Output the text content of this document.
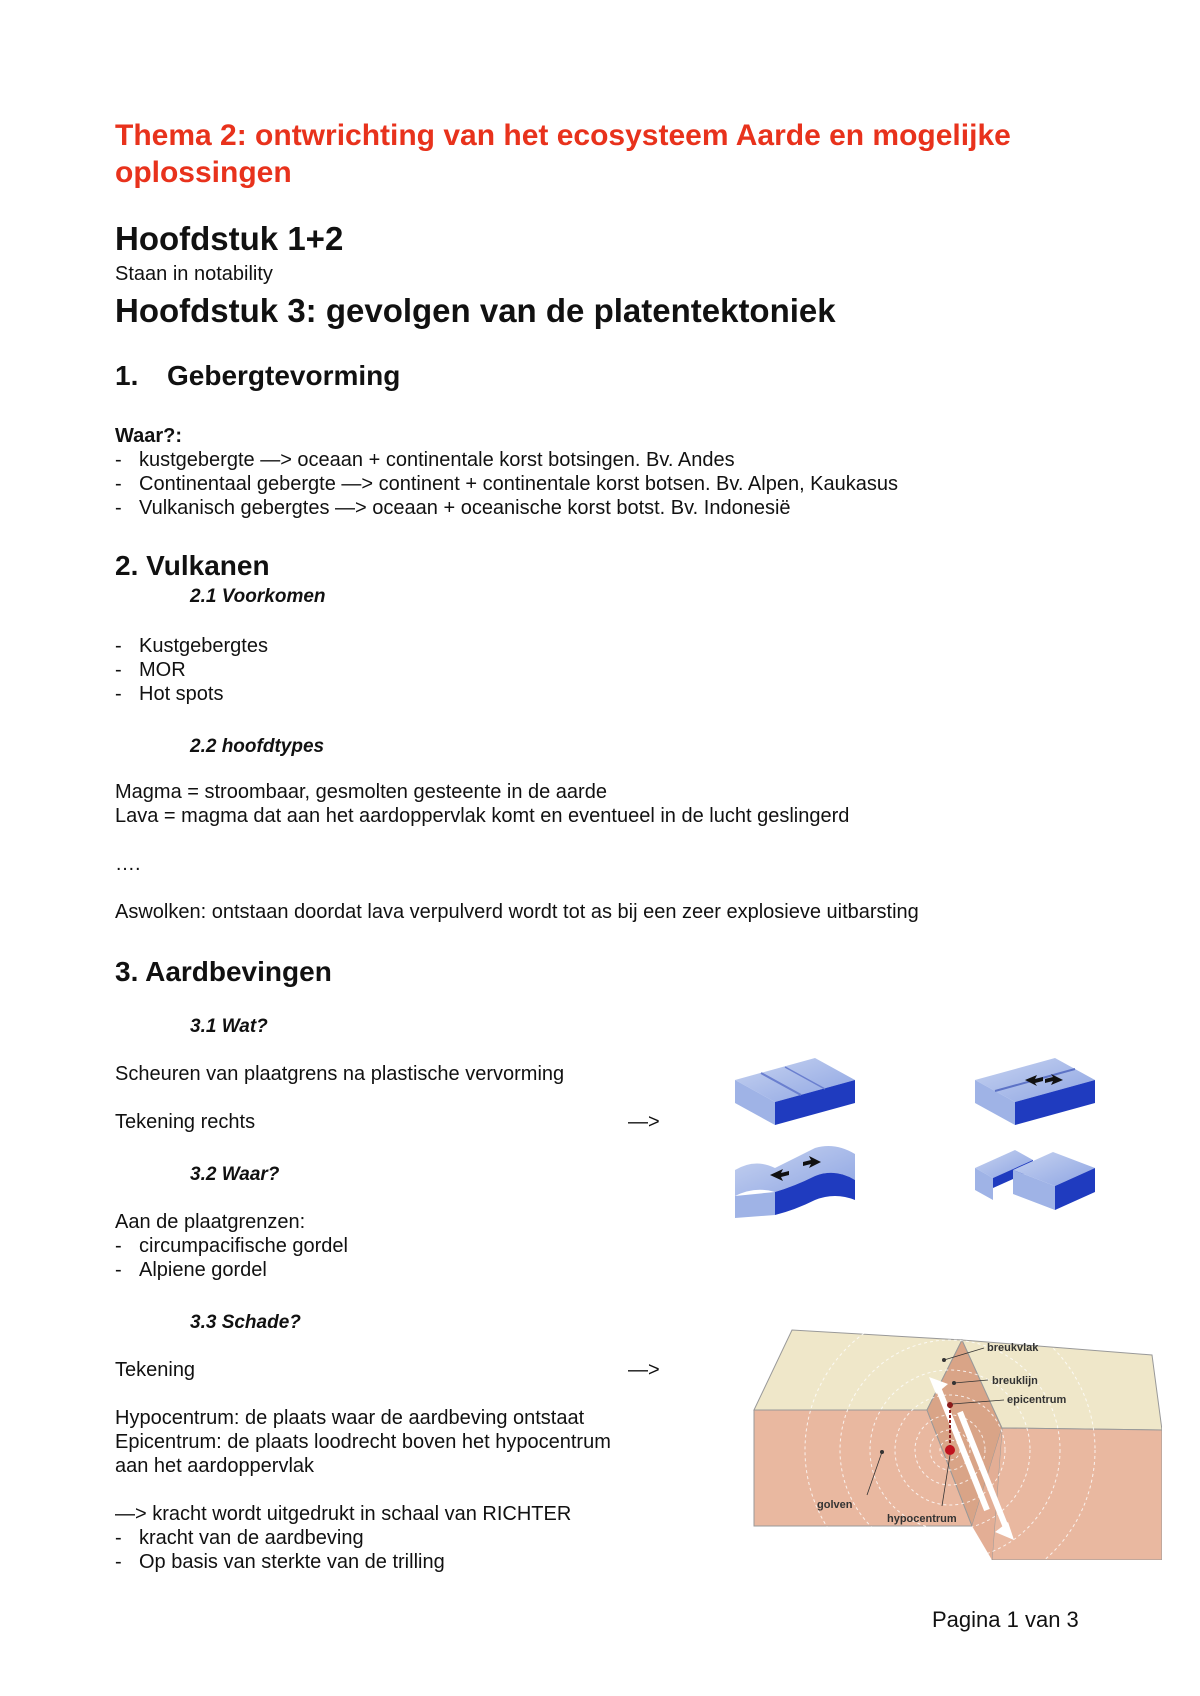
Thema 2: ontwrichting van het ecosysteem Aarde en mogelijke
oplossingen
Hoofdstuk 1+2
Staan in notability
Hoofdstuk 3: gevolgen van de platentektoniek
1. Gebergtevorming
Waar?:
- kustgebergte —> oceaan + continentale korst botsingen. Bv. Andes
- Continentaal gebergte —> continent + continentale korst botsen. Bv. Alpen, Kaukasus
- Vulkanisch gebergtes —> oceaan + oceanische korst botst. Bv. Indonesië
2. Vulkanen
2.1 Voorkomen
- Kustgebergtes
- MOR
- Hot spots
2.2 hoofdtypes
Magma = stroombaar, gesmolten gesteente in de aarde
Lava = magma dat aan het aardoppervlak komt en eventueel in de lucht geslingerd
….
Aswolken: ontstaan doordat lava verpulverd wordt tot as bij een zeer explosieve uitbarsting
3. Aardbevingen
3.1 Wat?
Scheuren van plaatgrens na plastische vervorming
Tekening rechts	—>
3.2 Waar?
Aan de plaatgrenzen:
- circumpacifische gordel
- Alpiene gordel
3.3 Schade?
Tekening	—>
Hypocentrum: de plaats waar de aardbeving ontstaat
Epicentrum: de plaats loodrecht boven het hypocentrum
aan het aardoppervlak
—> kracht wordt uitgedrukt in schaal van RICHTER
- kracht van de aardbeving
- Op basis van sterkte van de trilling
breukvlak
breuklijn
epicentrum
golven
hypocentrum
Pagina 1 van 3
